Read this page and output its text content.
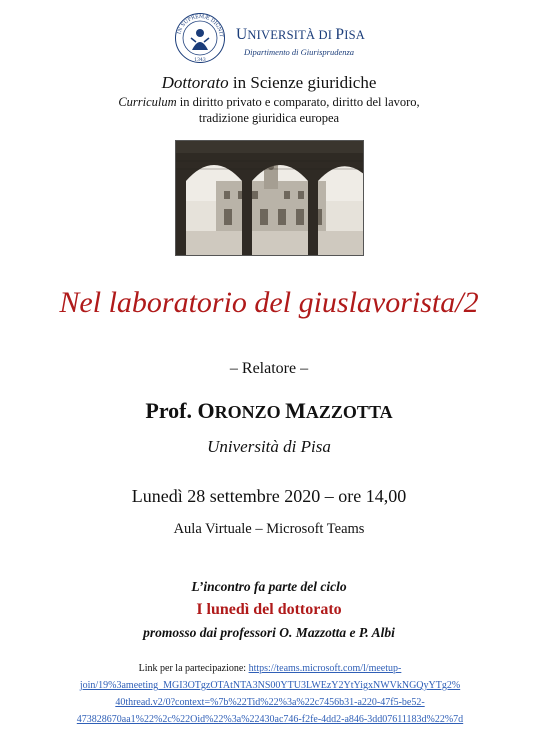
IN SUPREMÆ DIGNIT
1343
UNIVERSITÀ DI PISA
Dipartimento di Giurisprudenza
Dottorato in Scienze giuridiche
Curriculum in diritto privato e comparato, diritto del lavoro,
tradizione giuridica europea
Nel laboratorio del giuslavorista/2
– Relatore –
Prof. ORONZO MAZZOTTA
Università di Pisa
Lunedì 28 settembre 2020 – ore 14,00
Aula Virtuale – Microsoft Teams
L’incontro fa parte del ciclo
I lunedì del dottorato
promosso dai professori O. Mazzotta e P. Albi
Link per la partecipazione: https://teams.microsoft.com/l/meetup-
join/19%3ameeting_MGI3OTgzOTAtNTA3NS00YTU3LWEzY2YtYigxNWVkNGQyYTg2%
40thread.v2/0?context=%7b%22Tid%22%3a%22c7456b31-a220-47f5-be52-
473828670aa1%22%2c%22Oid%22%3a%22430ac746-f2fe-4dd2-a846-3dd07611183d%22%7d
